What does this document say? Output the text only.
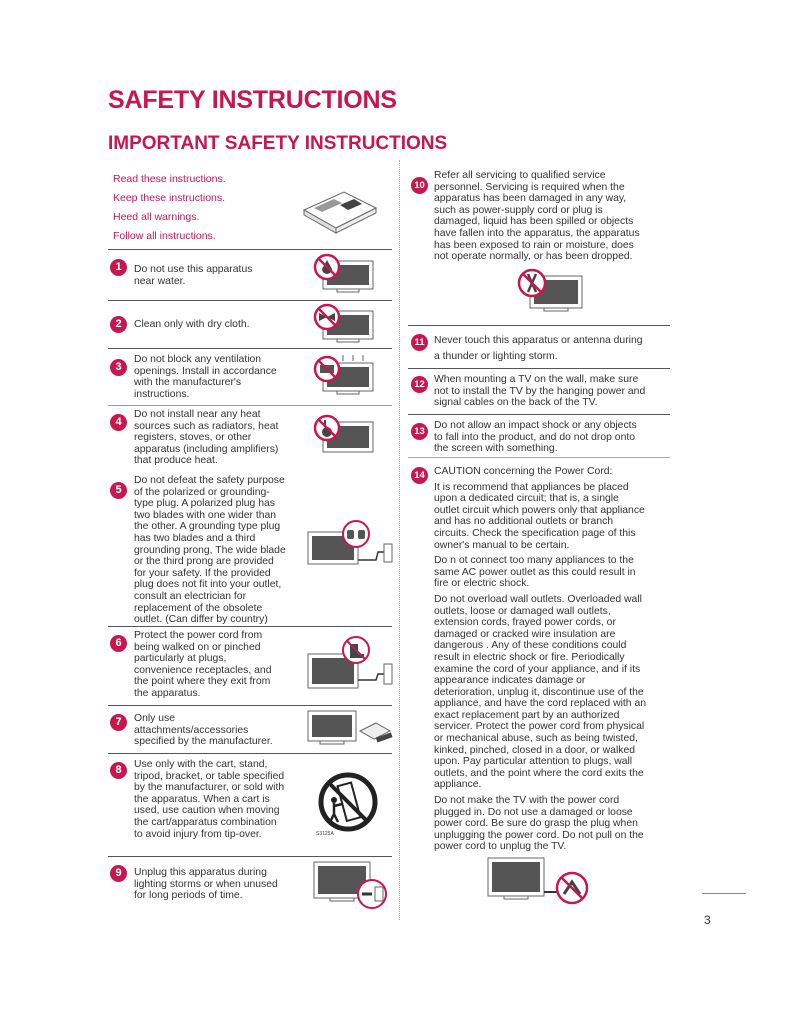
SAFETY INSTRUCTIONS
IMPORTANT SAFETY INSTRUCTIONS
Read these instructions.
Keep these instructions.
Heed all warnings.
Follow all instructions.
1	Do not use this apparatus near water.
2	Clean only with dry cloth.
3
Do not block any ventilation openings. Install in accordance with the manufacturer's instructions.
4
Do not install near any heat sources such as radiators, heat registers, stoves, or other apparatus (including amplifiers) that produce heat.
5
Do not defeat the safety purpose of the polarized or grounding-type plug. A polarized plug has two blades with one wider than the other. A grounding type plug has two blades and a third grounding prong, The wide blade or the third prong are provided for your safety. If the provided plug does not fit into your outlet, consult an electrician for replacement of the obsolete outlet. (Can differ by country)
6
Protect the power cord from being walked on or pinched particularly at plugs, convenience receptacles, and the point where they exit from the apparatus.
7	Only use attachments/accessories specified by the manufacturer.
8	Use only with the cart, stand, tripod, bracket, or table specified by the manufacturer, or sold with the apparatus. When a cart is used, use caution when moving the cart/apparatus combination to avoid injury from tip-over.
9	Unplug this apparatus during lighting storms or when unused for long periods of time.
S3125A
10
Refer all servicing to qualified service personnel. Servicing is required when the apparatus has been damaged in any way, such as power-supply cord or plug is damaged, liquid has been spilled or objects have fallen into the apparatus, the apparatus has been exposed to rain or moisture, does not operate normally, or has been dropped.
11 Never touch this apparatus or antenna during a thunder or lighting storm.
12 When mounting a TV on the wall, make sure not to install the TV by the hanging power and signal cables on the back of the TV.
13
Do not allow an impact shock or any objects to fall into the product, and do not drop onto the screen with something.
14 CAUTION concerning the Power Cord:
It is recommend that appliances be placed upon a dedicated circuit; that is, a single outlet circuit which powers only that appliance and has no additional outlets or branch circuits. Check the specification page of this owner's manual to be certain.
Do n ot connect too many appliances to the same AC power outlet as this could result in fire or electric shock.
Do not overload wall outlets. Overloaded wall outlets, loose or damaged wall outlets, extension cords, frayed power cords, or damaged or cracked wire insulation are dangerous . Any of these conditions could result in electric shock or fire. Periodically examine the cord of your appliance, and if its appearance indicates damage or deterioration, unplug it, discontinue use of the appliance, and have the cord replaced with an exact replacement part by an authorized servicer. Protect the power cord from physical or mechanical abuse, such as being twisted, kinked, pinched, closed in a door, or walked upon. Pay particular attention to plugs, wall outlets, and the point where the cord exits the appliance.
Do not make the TV with the power cord plugged in. Do not use a damaged or loose power cord. Be sure do grasp the plug when unplugging the power cord. Do not pull on the power cord to unplug the TV.
3
